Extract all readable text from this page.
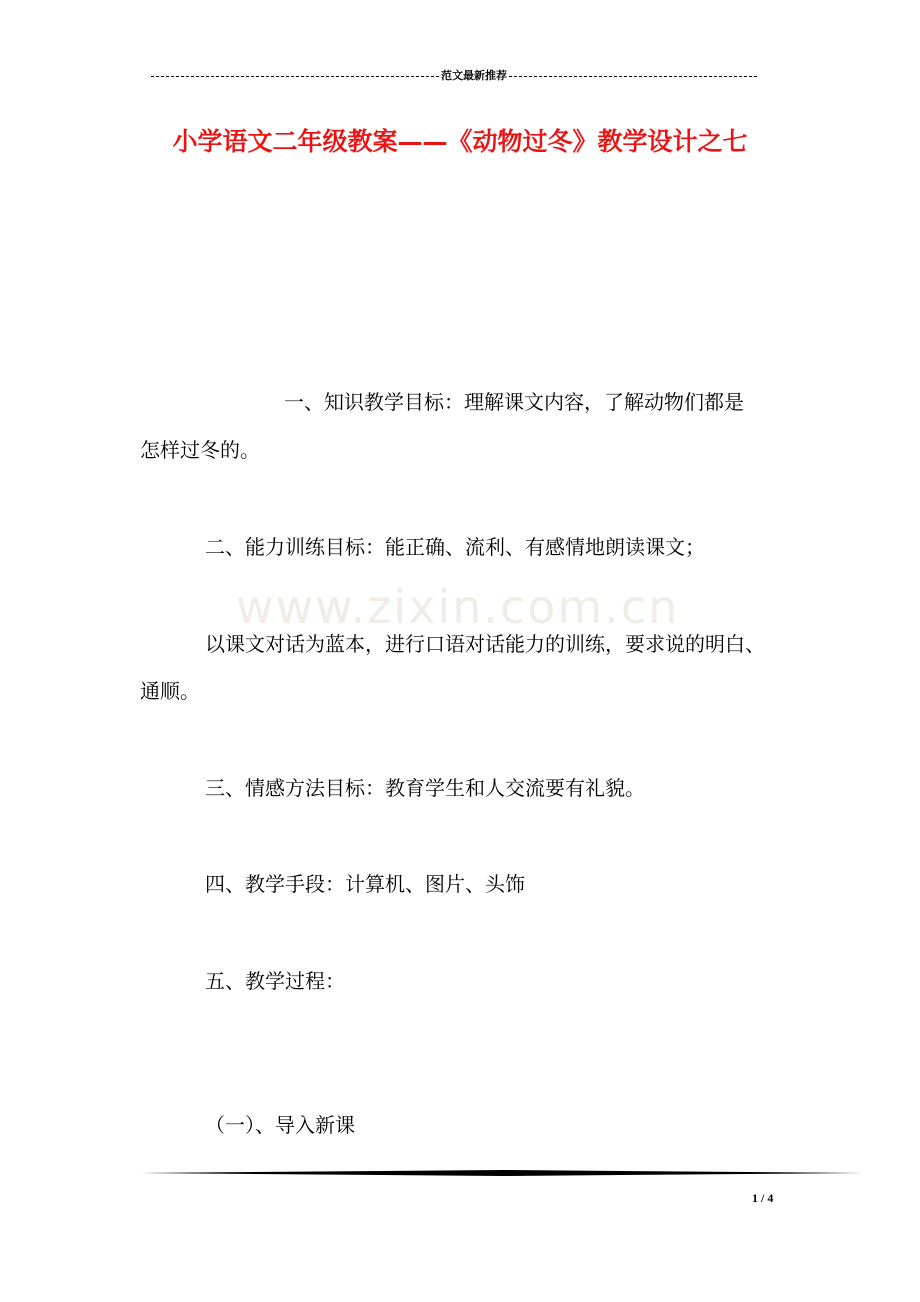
范文最新推荐
小学语文二年级教案——《动物过冬》教学设计之七
www.zixin.com.cn
一、知识教学目标：理解课文内容，了解动物们都是
怎样过冬的。
二、能力训练目标：能正确、流利、有感情地朗读课文；
以课文对话为蓝本，进行口语对话能力的训练，要求说的明白、
通顺。
三、情感方法目标：教育学生和人交流要有礼貌。
四、教学手段：计算机、图片、头饰
五、教学过程：
（一）、导入新课
1 / 4
